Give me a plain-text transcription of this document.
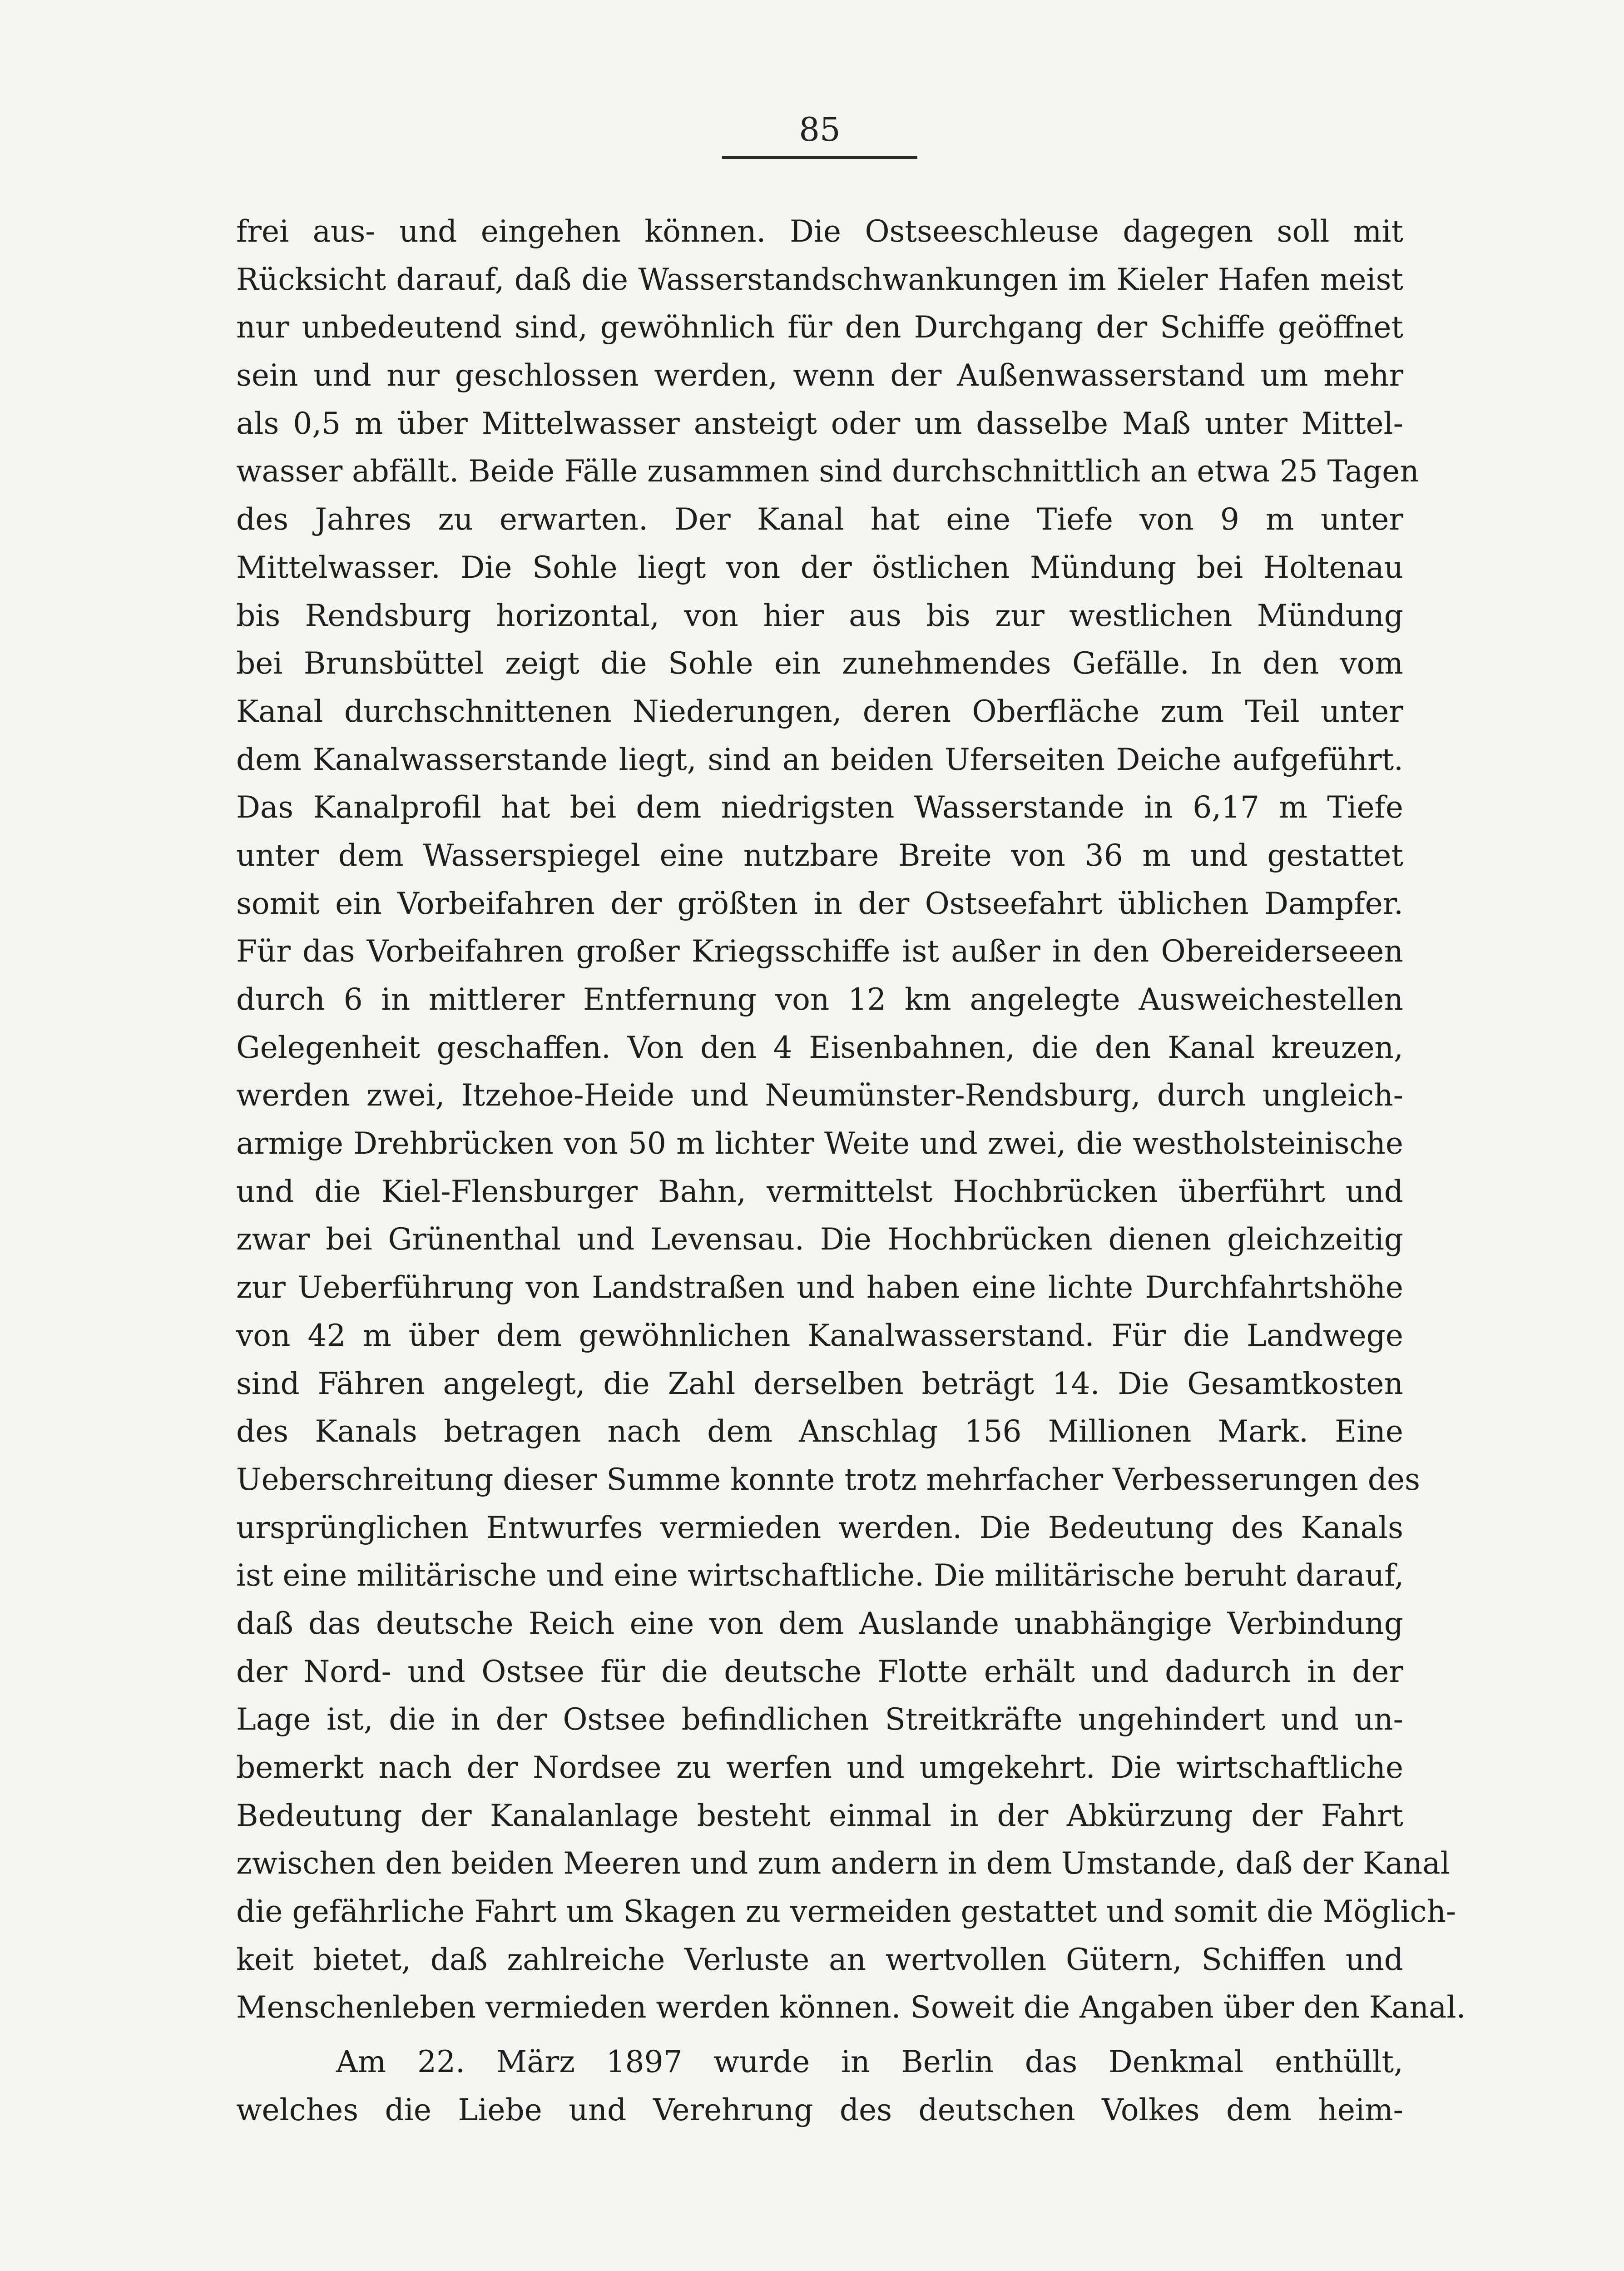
85
frei aus- und eingehen können. Die Ostseeschleuse dagegen soll mit
Rücksicht darauf, daß die Wasserstandschwankungen im Kieler Hafen meist
nur unbedeutend sind, gewöhnlich für den Durchgang der Schiffe geöffnet
sein und nur geschlossen werden, wenn der Außenwasserstand um mehr
als 0,5 m über Mittelwasser ansteigt oder um dasselbe Maß unter Mittel-
wasser abfällt. Beide Fälle zusammen sind durchschnittlich an etwa 25 Tagen
des Jahres zu erwarten. Der Kanal hat eine Tiefe von 9 m unter
Mittelwasser. Die Sohle liegt von der östlichen Mündung bei Holtenau
bis Rendsburg horizontal, von hier aus bis zur westlichen Mündung
bei Brunsbüttel zeigt die Sohle ein zunehmendes Gefälle. In den vom
Kanal durchschnittenen Niederungen, deren Oberfläche zum Teil unter
dem Kanalwasserstande liegt, sind an beiden Uferseiten Deiche aufgeführt.
Das Kanalprofil hat bei dem niedrigsten Wasserstande in 6,17 m Tiefe
unter dem Wasserspiegel eine nutzbare Breite von 36 m und gestattet
somit ein Vorbeifahren der größten in der Ostseefahrt üblichen Dampfer.
Für das Vorbeifahren großer Kriegsschiffe ist außer in den Obereiderseeen
durch 6 in mittlerer Entfernung von 12 km angelegte Ausweichestellen
Gelegenheit geschaffen. Von den 4 Eisenbahnen, die den Kanal kreuzen,
werden zwei, Itzehoe-Heide und Neumünster-Rendsburg, durch ungleich-
armige Drehbrücken von 50 m lichter Weite und zwei, die westholsteinische
und die Kiel-Flensburger Bahn, vermittelst Hochbrücken überführt und
zwar bei Grünenthal und Levensau. Die Hochbrücken dienen gleichzeitig
zur Ueberführung von Landstraßen und haben eine lichte Durchfahrtshöhe
von 42 m über dem gewöhnlichen Kanalwasserstand. Für die Landwege
sind Fähren angelegt, die Zahl derselben beträgt 14. Die Gesamtkosten
des Kanals betragen nach dem Anschlag 156 Millionen Mark. Eine
Ueberschreitung dieser Summe konnte trotz mehrfacher Verbesserungen des
ursprünglichen Entwurfes vermieden werden. Die Bedeutung des Kanals
ist eine militärische und eine wirtschaftliche. Die militärische beruht darauf,
daß das deutsche Reich eine von dem Auslande unabhängige Verbindung
der Nord- und Ostsee für die deutsche Flotte erhält und dadurch in der
Lage ist, die in der Ostsee befindlichen Streitkräfte ungehindert und un-
bemerkt nach der Nordsee zu werfen und umgekehrt. Die wirtschaftliche
Bedeutung der Kanalanlage besteht einmal in der Abkürzung der Fahrt
zwischen den beiden Meeren und zum andern in dem Umstande, daß der Kanal
die gefährliche Fahrt um Skagen zu vermeiden gestattet und somit die Möglich-
keit bietet, daß zahlreiche Verluste an wertvollen Gütern, Schiffen und
Menschenleben vermieden werden können. Soweit die Angaben über den Kanal.
Am 22. März 1897 wurde in Berlin das Denkmal enthüllt,
welches die Liebe und Verehrung des deutschen Volkes dem heim-
